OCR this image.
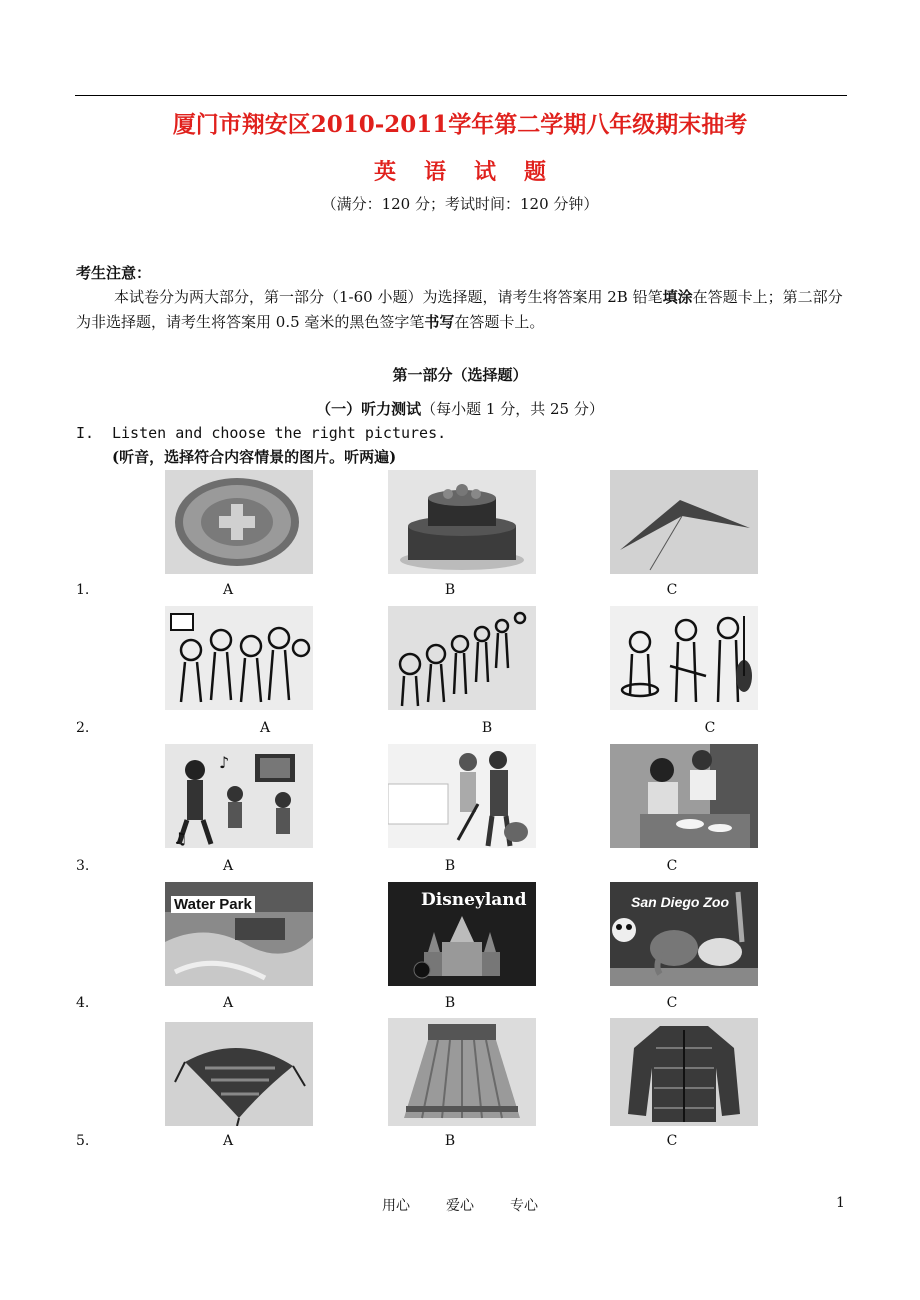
厦门市翔安区2010-2011学年第二学期八年级期末抽考
英语试题
（满分：120 分；考试时间：120 分钟）
考生注意：
本试卷分为两大部分，第一部分（1-60 小题）为选择题，请考生将答案用 2B 铅笔填涂在答题卡上；第二部分为非选择题，请考生将答案用 0.5 毫米的黑色签字笔书写在答题卡上。
第一部分（选择题）
（一）听力测试（每小题 1 分，共 25 分）
I. Listen and choose the right pictures.
(听音，选择符合内容情景的图片。听两遍)
A	B	C
1.
A	B	C
2.
♪
♫
A	B	C
3.
Water Park
A
Disneyland
B
San Diego Zoo
C
4.
A	B	C
5.
用心	爱心	专心	1
